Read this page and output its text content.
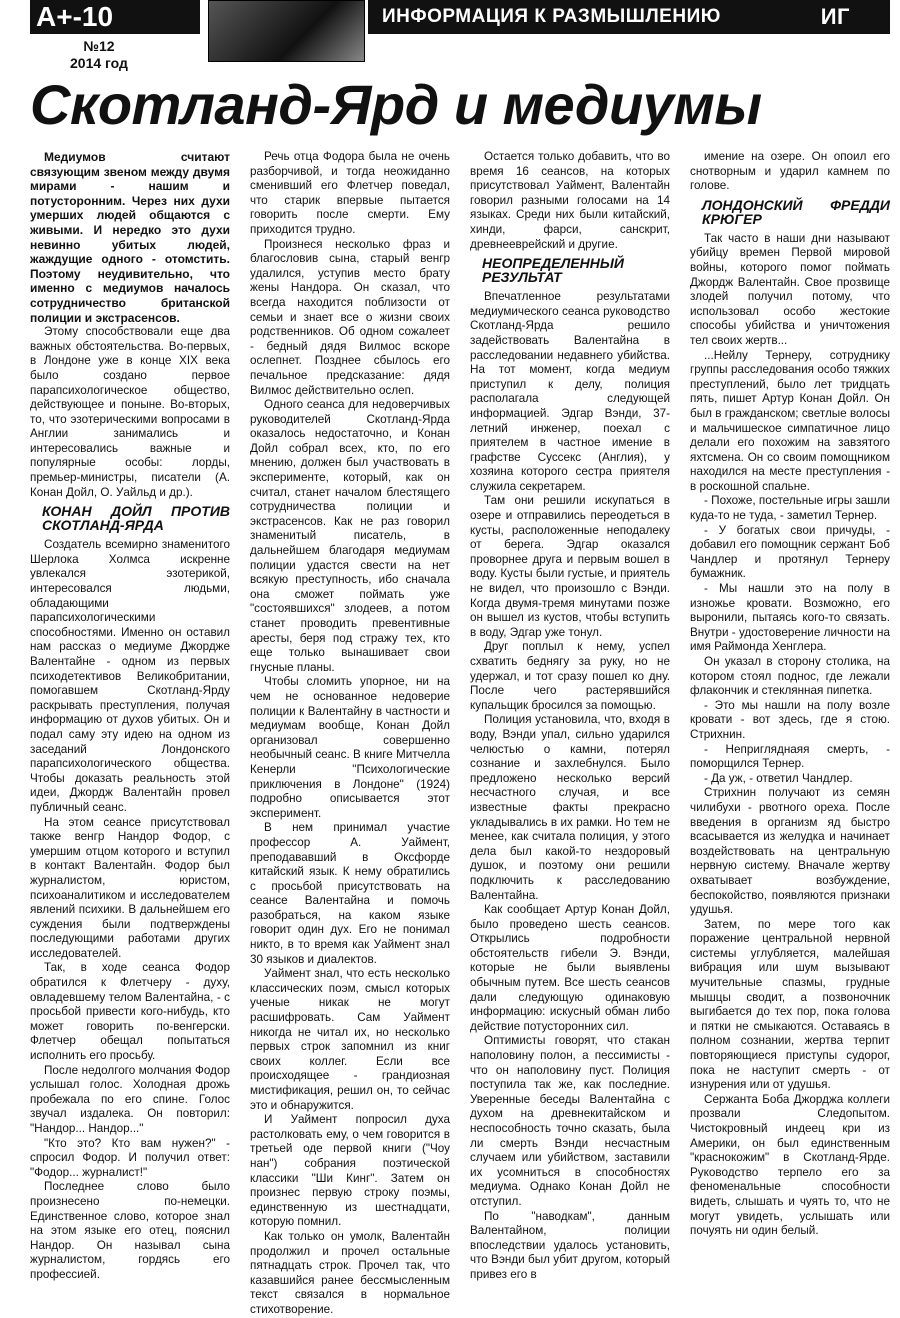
А+-10	ИНФОРМАЦИЯ К РАЗМЫШЛЕНИЮ	ИГ
№12
2014 год
Скотланд-Ярд и медиумы

Медиумов считают связующим звеном между двумя мирами - нашим и потусторонним. Через них духи умерших людей общаются с живыми. И нередко это духи невинно убитых людей, жаждущие одного - отомстить. Поэтому неудивительно, что именно с медиумов началось сотрудничество британской полиции и экстрасенсов.

Этому способствовали еще два важных обстоятельства. Во-первых, в Лондоне уже в конце XIX века было создано первое парапсихологическое общество, действующее и поныне. Во-вторых, то, что эзотерическими вопросами в Англии занимались и интересовались важные и популярные особы: лорды, премьер-министры, писатели (А. Конан Дойл, О. Уайльд и др.).

КОНАН ДОЙЛ ПРОТИВ СКОТЛАНД-ЯРДА

Создатель всемирно знаменитого Шерлока Холмса искренне увлекался эзотерикой, интересовался людьми, обладающими парапсихологическими способностями. Именно он оставил нам рассказ о медиуме Джордже Валентайне - одном из первых психодетективов Великобритании, помогавшем Скотланд-Ярду раскрывать преступления, получая информацию от духов убитых. Он и подал саму эту идею на одном из заседаний Лондонского парапсихологического общества. Чтобы доказать реальность этой идеи, Джордж Валентайн провел публичный сеанс.

На этом сеансе присутствовал также венгр Нандор Фодор, с умершим отцом которого и вступил в контакт Валентайн. Фодор был журналистом, юристом, психоаналитиком и исследователем явлений психики. В дальнейшем его суждения были подтверждены последующими работами других исследователей.

Так, в ходе сеанса Фодор обратился к Флетчеру - духу, овладевшему телом Валентайна, - с просьбой привести кого-нибудь, кто может говорить по-венгерски. Флетчер обещал попытаться исполнить его просьбу.

После недолгого молчания Фодор услышал голос. Холодная дрожь пробежала по его спине. Голос звучал издалека. Он повторил: "Нандор... Нандор..."

"Кто это? Кто вам нужен?" - спросил Фодор. И получил ответ: "Фодор... журналист!"

Последнее слово было произнесено по-немецки. Единственное слово, которое знал на этом языке его отец, пояснил Нандор. Он называл сына журналистом, гордясь его профессией.

Речь отца Фодора была не очень разборчивой, и тогда неожиданно сменивший его Флетчер поведал, что старик впервые пытается говорить после смерти. Ему приходится трудно.

Произнеся несколько фраз и благословив сына, старый венгр удалился, уступив место брату жены Нандора. Он сказал, что всегда находится поблизости от семьи и знает все о жизни своих родственников. Об одном сожалеет - бедный дядя Вилмос вскоре ослепнет. Позднее сбылось его печальное предсказание: дядя Вилмос действительно ослеп.

Одного сеанса для недоверчивых руководителей Скотланд-Ярда оказалось недостаточно, и Конан Дойл собрал всех, кто, по его мнению, должен был участвовать в эксперименте, который, как он считал, станет началом блестящего сотрудничества полиции и экстрасенсов. Как не раз говорил знаменитый писатель, в дальнейшем благодаря медиумам полиции удастся свести на нет всякую преступность, ибо сначала она сможет поймать уже "состоявшихся" злодеев, а потом станет проводить превентивные аресты, беря под стражу тех, кто еще только вынашивает свои гнусные планы.

Чтобы сломить упорное, ни на чем не основанное недоверие полиции к Валентайну в частности и медиумам вообще, Конан Дойл организовал совершенно необычный сеанс. В книге Митчелла Кенерли "Психологические приключения в Лондоне" (1924) подробно описывается этот эксперимент.

В нем принимал участие профессор А. Уаймент, преподававший в Оксфорде китайский язык. К нему обратились с просьбой присутствовать на сеансе Валентайна и помочь разобраться, на каком языке говорит один дух. Его не понимал никто, в то время как Уаймент знал 30 языков и диалектов.

Уаймент знал, что есть несколько классических поэм, смысл которых ученые никак не могут расшифровать. Сам Уаймент никогда не читал их, но несколько первых строк запомнил из книг своих коллег. Если все происходящее - грандиозная мистификация, решил он, то сейчас это и обнаружится.

И Уаймент попросил духа растолковать ему, о чем говорится в третьей оде первой книги ("Чоу нан") собрания поэтической классики "Ши Кинг". Затем он произнес первую строку поэмы, единственную из шестнадцати, которую помнил.

Как только он умолк, Валентайн продолжил и прочел остальные пятнадцать строк. Прочел так, что казавшийся ранее бессмысленным текст связался в нормальное стихотворение.

Остается только добавить, что во время 16 сеансов, на которых присутствовал Уаймент, Валентайн говорил разными голосами на 14 языках. Среди них были китайский, хинди, фарси, санскрит, древнееврейский и другие.

НЕОПРЕДЕЛЕННЫЙ РЕЗУЛЬТАТ

Впечатленное результатами медиумического сеанса руководство Скотланд-Ярда решило задействовать Валентайна в расследовании недавнего убийства. На тот момент, когда медиум приступил к делу, полиция располагала следующей информацией. Эдгар Вэнди, 37-летний инженер, поехал с приятелем в частное имение в графстве Суссекс (Англия), у хозяина которого сестра приятеля служила секретарем.

Там они решили искупаться в озере и отправились переодеться в кусты, расположенные неподалеку от берега. Эдгар оказался проворнее друга и первым вошел в воду. Кусты были густые, и приятель не видел, что произошло с Вэнди. Когда двумя-тремя минутами позже он вышел из кустов, чтобы вступить в воду, Эдгар уже тонул.

Друг поплыл к нему, успел схватить беднягу за руку, но не удержал, и тот сразу пошел ко дну. После чего растерявшийся купальщик бросился за помощью.

Полиция установила, что, входя в воду, Вэнди упал, сильно ударился челюстью о камни, потерял сознание и захлебнулся. Было предложено несколько версий несчастного случая, и все известные факты прекрасно укладывались в их рамки. Но тем не менее, как считала полиция, у этого дела был какой-то нездоровый душок, и поэтому они решили подключить к расследованию Валентайна.

Как сообщает Артур Конан Дойл, было проведено шесть сеансов. Открылись подробности обстоятельств гибели Э. Вэнди, которые не были выявлены обычным путем. Все шесть сеансов дали следующую одинаковую информацию: искусный обман либо действие потусторонних сил.

Оптимисты говорят, что стакан наполовину полон, а пессимисты - что он наполовину пуст. Полиция поступила так же, как последние. Уверенные беседы Валентайна с духом на древнекитайском и неспособность точно сказать, была ли смерть Вэнди несчастным случаем или убийством, заставили их усомниться в способностях медиума. Однако Конан Дойл не отступил.

По "наводкам", данным Валентайном, полиции впоследствии удалось установить, что Вэнди был убит другом, который привез его в

имение на озере. Он опоил его снотворным и ударил камнем по голове.

ЛОНДОНСКИЙ ФРЕДДИ КРЮГЕР

Так часто в наши дни называют убийцу времен Первой мировой войны, которого помог поймать Джордж Валентайн. Свое прозвище злодей получил потому, что использовал особо жестокие способы убийства и уничтожения тел своих жертв...

...Нейлу Тернеру, сотруднику группы расследования особо тяжких преступлений, было лет тридцать пять, пишет Артур Конан Дойл. Он был в гражданском; светлые волосы и мальчишеское симпатичное лицо делали его похожим на завзятого яхтсмена. Он со своим помощником находился на месте преступления - в роскошной спальне.

- Похоже, постельные игры зашли куда-то не туда, - заметил Тернер.

- У богатых свои причуды, - добавил его помощник сержант Боб Чандлер и протянул Тернеру бумажник.

- Мы нашли это на полу в изножье кровати. Возможно, его выронили, пытаясь кого-то связать. Внутри - удостоверение личности на имя Раймонда Хенглера.

Он указал в сторону столика, на котором стоял поднос, где лежали флакончик и стеклянная пипетка.

- Это мы нашли на полу возле кровати - вот здесь, где я стою. Стрихнин.

- Непригляднаяя смерть, - поморщился Тернер.

- Да уж, - ответил Чандлер.

Стрихнин получают из семян чилибухи - рвотного ореха. После введения в организм яд быстро всасывается из желудка и начинает воздействовать на центральную нервную систему. Вначале жертву охватывает возбуждение, беспокойство, появляются признаки удушья.

Затем, по мере того как поражение центральной нервной системы углубляется, малейшая вибрация или шум вызывают мучительные спазмы, грудные мышцы сводит, а позвоночник выгибается до тех пор, пока голова и пятки не смыкаются. Оставаясь в полном сознании, жертва терпит повторяющиеся приступы судорог, пока не наступит смерть - от изнурения или от удушья.

Сержанта Боба Джорджа коллеги прозвали Следопытом. Чистокровный индеец кри из Америки, он был единственным "краснокожим" в Скотланд-Ярде. Руководство терпело его за феноменальные способности видеть, слышать и чуять то, что не могут увидеть, услышать или почуять ни один белый.
